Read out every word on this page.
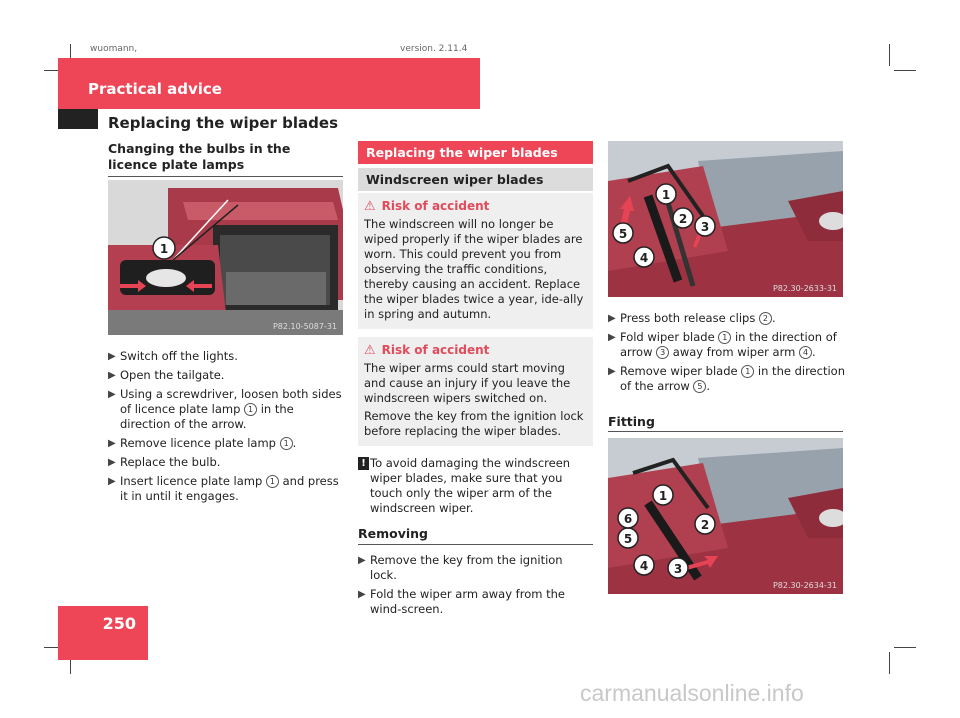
wuomann,	version. 2.11.4
Practical advice
Replacing the wiper blades
Changing the bulbs in the licence plate lamps
1
P82.10-5087-31
▶ Switch off the lights.
▶ Open the tailgate.
▶ Using a screwdriver, loosen both sides of licence plate lamp 1 in the direction of the arrow.
▶ Remove licence plate lamp 1 .
▶ Replace the bulb.
▶ Insert licence plate lamp 1 and press it in until it engages.
Replacing the wiper blades
Windscreen wiper blades
⚠ Risk of accident
The windscreen will no longer be wiped properly if the wiper blades are worn. This could prevent you from observing the traffic conditions, thereby causing an accident. Replace the wiper blades twice a year, ide-ally in spring and autumn.
⚠ Risk of accident
The wiper arms could start moving and cause an injury if you leave the windscreen wipers switched on.
Remove the key from the ignition lock before replacing the wiper blades.
! To avoid damaging the windscreen wiper blades, make sure that you touch only the wiper arm of the windscreen wiper.
Removing
▶ Remove the key from the ignition lock.
▶ Fold the wiper arm away from the wind-screen.
1
2
3
4
5
P82.30-2633-31
▶ Press both release clips 2 .
▶ Fold wiper blade 1 in the direction of arrow 3 away from wiper arm 4 .
▶ Remove wiper blade 1 in the direction of the arrow 5 .
Fitting
1
2
3
4
5
6
P82.30-2634-31
250
carmanualsonline.info
